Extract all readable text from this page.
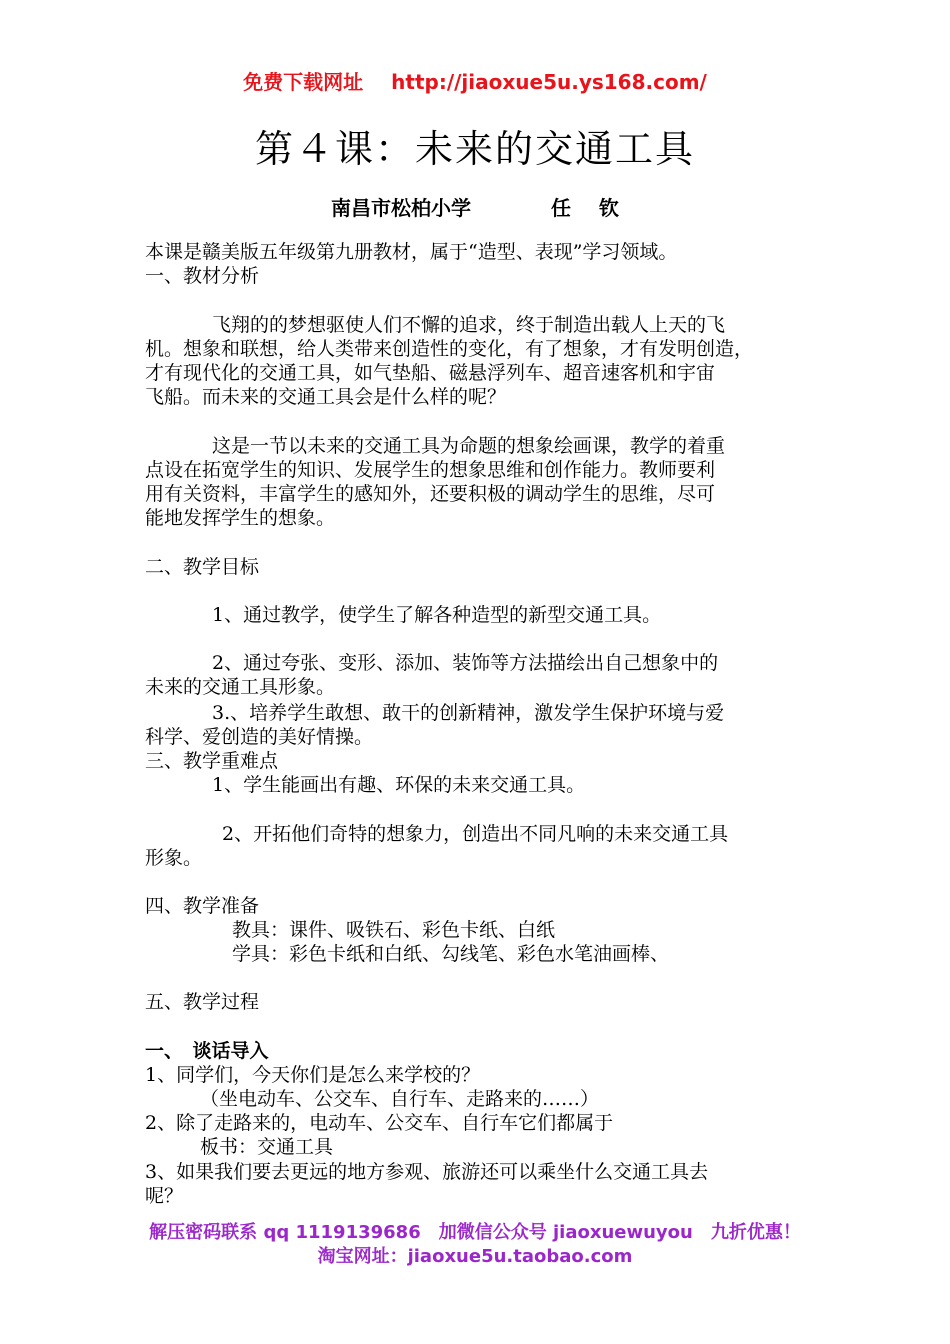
免费下载网址 http://jiaoxue5u.ys168.com/
第４课：未来的交通工具
南昌市松柏小学	任 钦
本课是赣美版五年级第九册教材，属于“造型、表现”学习领域。
一、教材分析
飞翔的的梦想驱使人们不懈的追求，终于制造出载人上天的飞
机。想象和联想，给人类带来创造性的变化，有了想象，才有发明创造，
才有现代化的交通工具，如气垫船、磁悬浮列车、超音速客机和宇宙
飞船。而未来的交通工具会是什么样的呢？
这是一节以未来的交通工具为命题的想象绘画课，教学的着重
点设在拓宽学生的知识、发展学生的想象思维和创作能力。教师要利
用有关资料，丰富学生的感知外，还要积极的调动学生的思维，尽可
能地发挥学生的想象。
二、教学目标
1、通过教学，使学生了解各种造型的新型交通工具。
2、通过夸张、变形、添加、装饰等方法描绘出自己想象中的
未来的交通工具形象。
3.、培养学生敢想、敢干的创新精神，激发学生保护环境与爱
科学、爱创造的美好情操。
三、教学重难点
1、学生能画出有趣、环保的未来交通工具。
2、开拓他们奇特的想象力，创造出不同凡响的未来交通工具
形象。
四、教学准备
教具：课件、吸铁石、彩色卡纸、白纸
学具：彩色卡纸和白纸、勾线笔、彩色水笔油画棒、
五、教学过程
一、　谈话导入
1、同学们，今天你们是怎么来学校的？
（坐电动车、公交车、自行车、走路来的……）
2、除了走路来的，电动车、公交车、自行车它们都属于
板书：交通工具
3、如果我们要去更远的地方参观、旅游还可以乘坐什么交通工具去
呢？
解压密码联系 qq 1119139686　加微信公众号 jiaoxuewuyou　九折优惠！
淘宝网址：jiaoxue5u.taobao.com
